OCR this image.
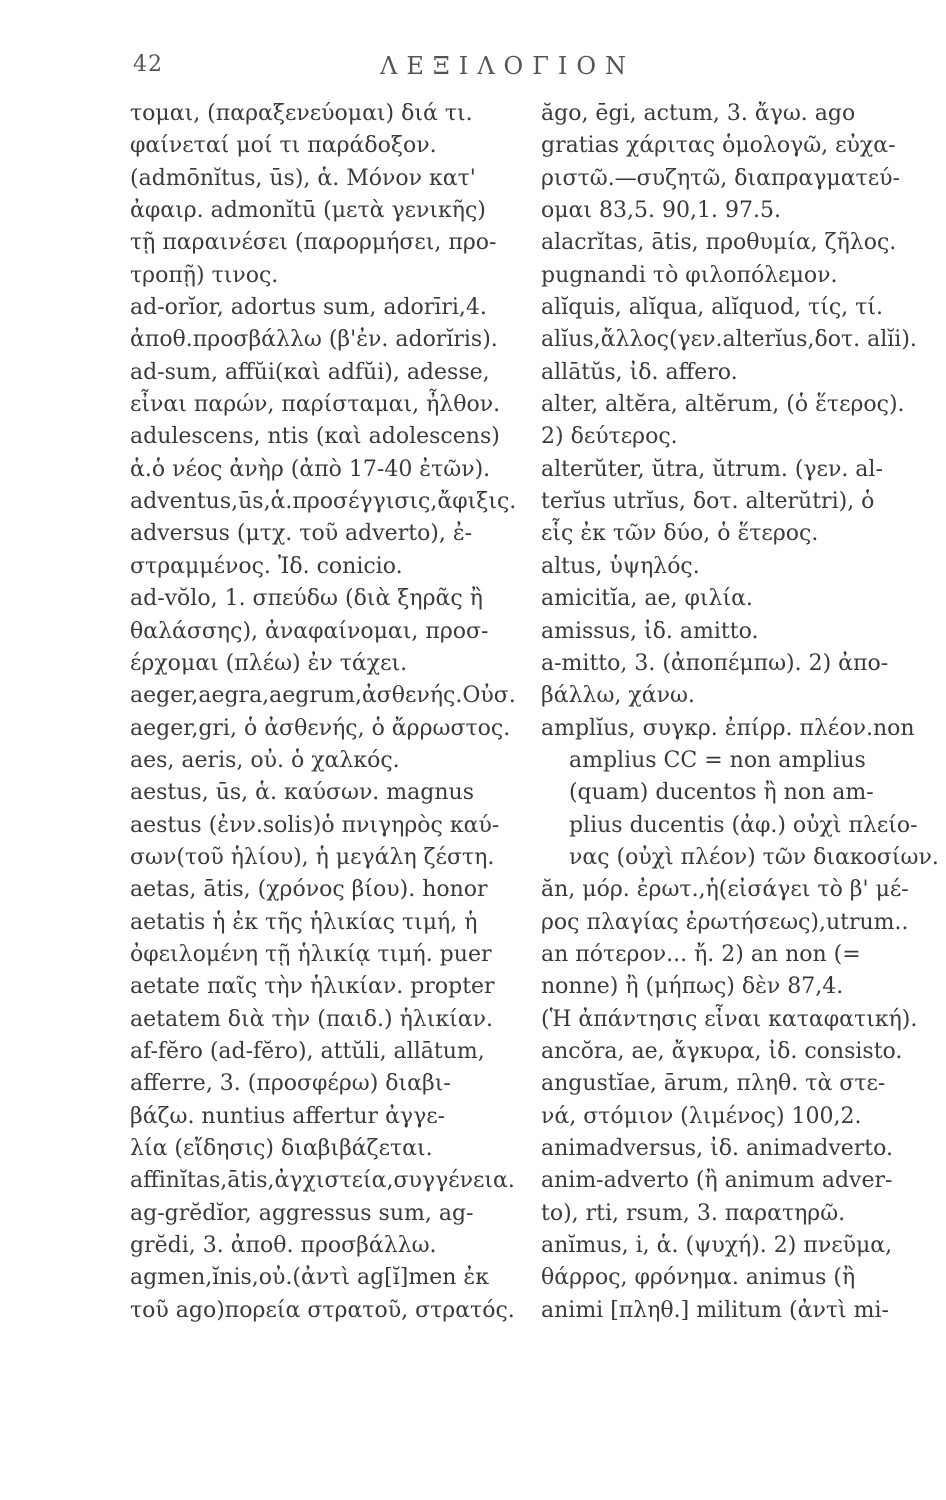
42	ΛΕΞΙΛΟΓΙΟΝ
τομαι, (παραξενεύομαι) διά τι.
φαίνεταί μοί τι παράδοξον.
(admōnĭtus, ūs), ἁ. Μόνον κατ'
ἀφαιρ. admonĭtū (μετὰ γενικῆς)
τῇ παραινέσει (παρορμήσει, προ-
τροπῇ) τινος.
ad-orĭor, adortus sum, adorīri,4.
ἀποθ.προσβάλλω (β'ἐν. adorĭris).
ad-sum, affŭi(καὶ adfŭi), adesse,
εἶναι παρών, παρίσταμαι, ἦλθον.
adulescens, ntis (καὶ adolescens)
ἁ.ὁ νέος ἀνὴρ (ἀπὸ 17-40 ἐτῶν).
adventus,ūs,ἁ.προσέγγισις,ἄφιξις.
adversus (μτχ. τοῦ adverto), ἐ-
στραμμένος. Ἰδ. conicio.
ad-vŏlo, 1. σπεύδω (διὰ ξηρᾶς ἢ
θαλάσσης), ἀναφαίνομαι, προσ-
έρχομαι (πλέω) ἐν τάχει.
aeger,aegra,aegrum,ἀσθενής.Οὐσ.
aeger,gri, ὁ ἀσθενής, ὁ ἄρρωστος.
aes, aeris, οὐ. ὁ χαλκός.
aestus, ūs, ἁ. καύσων. magnus
aestus (ἐνν.solis)ὁ πνιγηρὸς καύ-
σων(τοῦ ἡλίου), ἡ μεγάλη ζέστη.
aetas, ātis, (χρόνος βίου). honor
aetatis ἡ ἐκ τῆς ἡλικίας τιμή, ἡ
ὀφειλομένη τῇ ἡλικίᾳ τιμή. puer
aetate παῖς τὴν ἡλικίαν. propter
aetatem διὰ τὴν (παιδ.) ἡλικίαν.
af-fĕro (ad-fĕro), attŭli, allātum,
afferre, 3. (προσφέρω) διαβι-
βάζω. nuntius affertur ἀγγε-
λία (εἴδησις) διαβιβάζεται.
affinĭtas,ātis,ἀγχιστεία,συγγένεια.
ag-grĕdĭor, aggressus sum, ag-
grĕdi, 3. ἀποθ. προσβάλλω.
agmen,ĭnis,οὐ.(ἀντὶ ag[ĭ]men ἐκ
τοῦ ago)πορεία στρατοῦ, στρατός.
ăgo, ēgi, actum, 3. ἄγω. ago
gratias χάριτας ὁμολογῶ, εὐχα-
ριστῶ.—συζητῶ, διαπραγματεύ-
ομαι 83,5. 90,1. 97.5.
alacrĭtas, ātis, προθυμία, ζῆλος.
pugnandi τὸ φιλοπόλεμον.
alĭquis, alĭqua, alĭquod, τίς, τί.
alĭus,ἄλλος(γεν.alterĭus,δοτ. alĭi).
allātŭs, ἰδ. affero.
alter, altĕra, altĕrum, (ὁ ἕτερος).
2) δεύτερος.
alterŭter, ŭtra, ŭtrum. (γεν. al-
terĭus utrĭus, δοτ. alterŭtri), ὁ
εἷς ἐκ τῶν δύο, ὁ ἕτερος.
altus, ὑψηλός.
amicitĭa, ae, φιλία.
amissus, ἰδ. amitto.
a-mitto, 3. (ἀποπέμπω). 2) ἀπο-
βάλλω, χάνω.
amplĭus, συγκρ. ἐπίρρ. πλέον.non
amplius CC = non amplius
(quam) ducentos ἢ non am-
plius ducentis (ἀφ.) οὐχὶ πλείο-
νας (οὐχὶ πλέον) τῶν διακοσίων.
ăn, μόρ. ἐρωτ.,ἡ(εἰσάγει τὸ β' μέ-
ρος πλαγίας ἐρωτήσεως),utrum..
an πότερον... ἤ. 2) an non (=
nonne) ἢ (μήπως) δὲν 87,4.
(Ἡ ἀπάντησις εἶναι καταφατική).
ancŏra, ae, ἄγκυρα, ἰδ. consisto.
angustĭae, ārum, πληθ. τὰ στε-
νά, στόμιον (λιμένος) 100,2.
animadversus, ἰδ. animadverto.
anim-adverto (ἢ animum adver-
to), rti, rsum, 3. παρατηρῶ.
anĭmus, i, ἁ. (ψυχή). 2) πνεῦμα,
θάρρος, φρόνημα. animus (ἢ
animi [πληθ.] militum (ἀντὶ mi-
